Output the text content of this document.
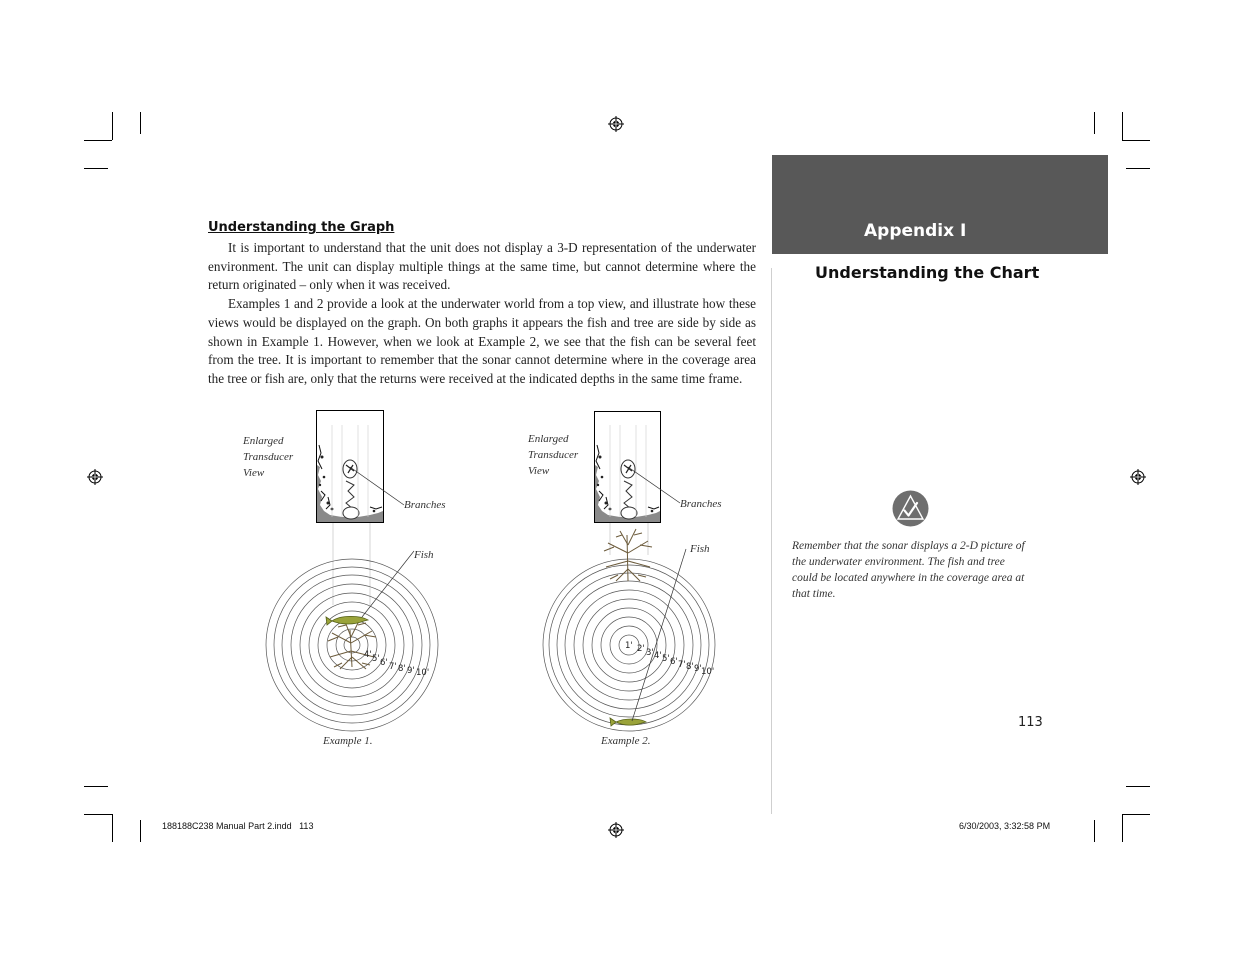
Understanding the Graph

It is important to understand that the unit does not display a 3-D representation of the underwater environment. The unit can display multiple things at the same time, but cannot determine where the return originated – only when it was received.

Examples 1 and 2 provide a look at the underwater world from a top view, and illustrate how these views would be displayed on the graph. On both graphs it appears the fish and tree are side by side as shown in Example 1. However, when we look at Example 2, we see that the fish can be several feet from the tree. It is important to remember that the sonar cannot determine where in the coverage area the tree or fish are, only that the returns were received at the indicated depths in the same time frame.

Enlarged
Transducer
View
Branches
Fish
Example 1.
Enlarged
Transducer
View
Branches
Fish
Example 2.
4' 5' 6' 7' 8' 9' 10'
1' 2' 3' 4' 5' 6' 7' 8' 9' 10'
Appendix I
Understanding the Chart
Remember that the sonar displays a 2-D picture of the underwater environment. The fish and tree could be located anywhere in the coverage area at that time.
113
188188C238 Manual Part 2.indd   113	6/30/2003, 3:32:58 PM
